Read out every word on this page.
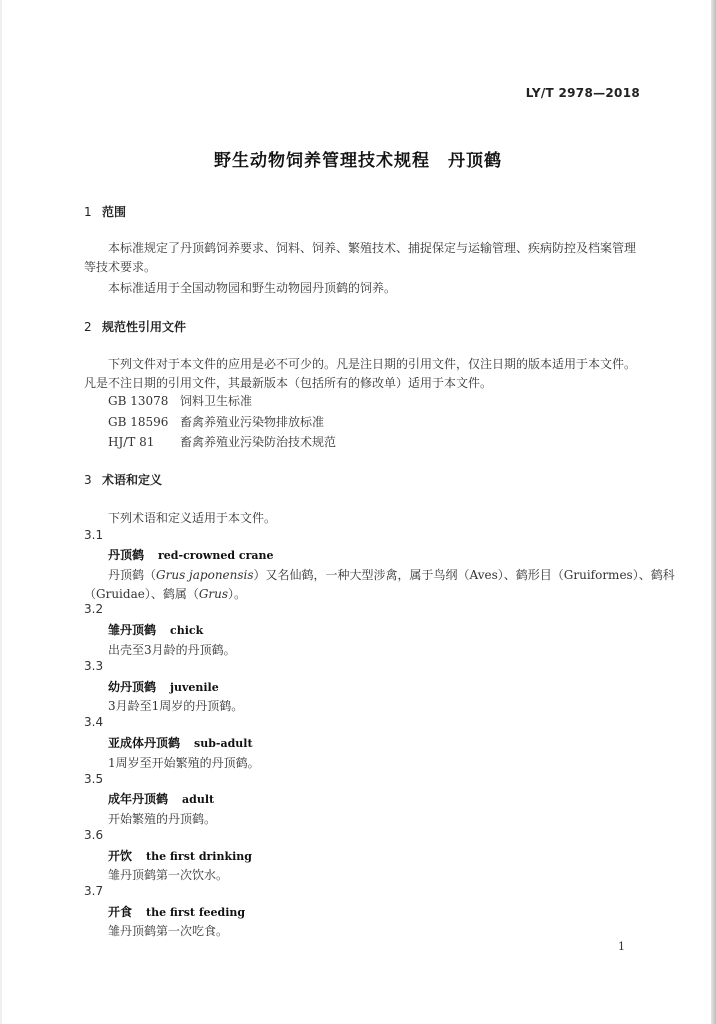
LY/T 2978—2018
野生动物饲养管理技术规程　丹顶鹤
1 范围
本标准规定了丹顶鹤饲养要求、饲料、饲养、繁殖技术、捕捉保定与运输管理、疾病防控及档案管理等技术要求。
本标准适用于全国动物园和野生动物园丹顶鹤的饲养。
2 规范性引用文件
下列文件对于本文件的应用是必不可少的。凡是注日期的引用文件，仅注日期的版本适用于本文件。凡是不注日期的引用文件，其最新版本（包括所有的修改单）适用于本文件。
GB 13078 饲料卫生标准
GB 18596 畜禽养殖业污染物排放标准
HJ/T 81 畜禽养殖业污染防治技术规范
3 术语和定义
下列术语和定义适用于本文件。
3.1
丹顶鹤 red-crowned crane
丹顶鹤（Grus japonensis）又名仙鹤，一种大型涉禽，属于鸟纲（Aves）、鹤形目（Gruiformes）、鹤科
（Gruidae）、鹤属（Grus）。
3.2
雏丹顶鹤 chick
出壳至3月龄的丹顶鹤。
3.3
幼丹顶鹤 juvenile
3月龄至1周岁的丹顶鹤。
3.4
亚成体丹顶鹤 sub-adult
1周岁至开始繁殖的丹顶鹤。
3.5
成年丹顶鹤 adult
开始繁殖的丹顶鹤。
3.6
开饮 the first drinking
雏丹顶鹤第一次饮水。
3.7
开食 the first feeding
雏丹顶鹤第一次吃食。
1
